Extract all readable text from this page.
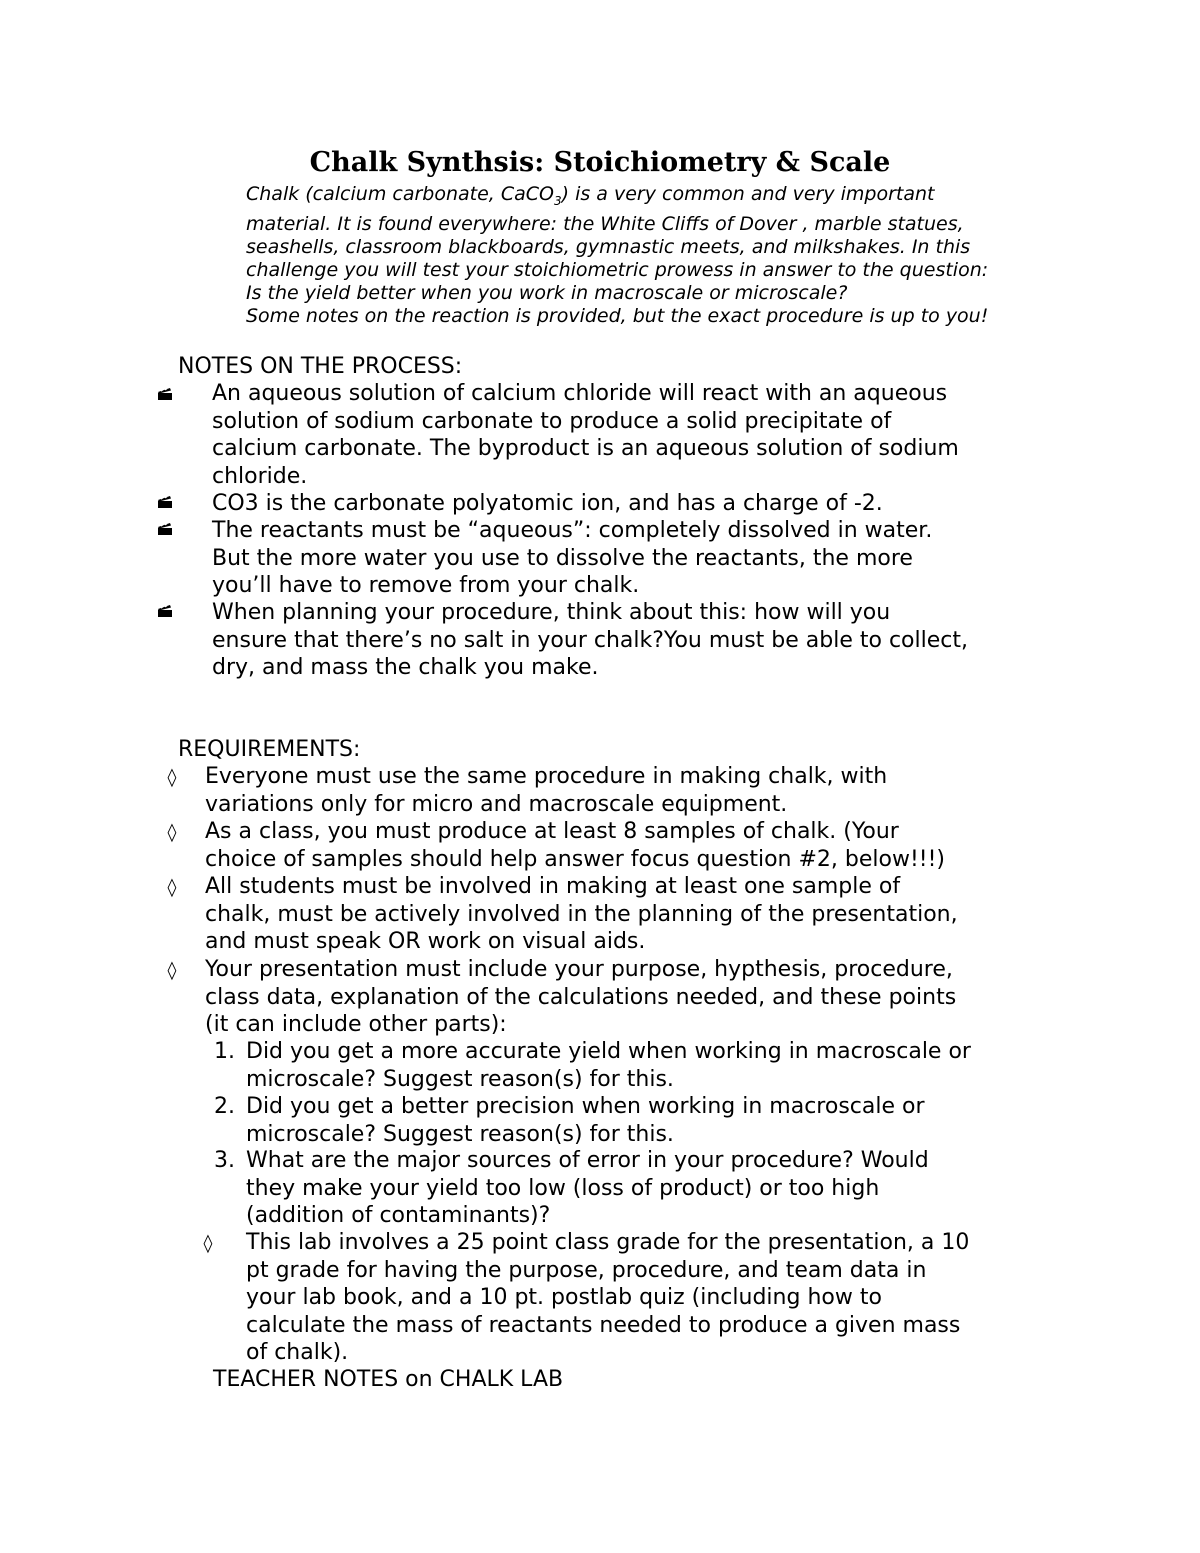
Chalk Synthsis: Stoichiometry & Scale
Chalk (calcium carbonate, CaCO$_3$) is a very common and very important
material. It is found everywhere: the White Cliffs of Dover , marble statues,
seashells, classroom blackboards, gymnastic meets, and milkshakes. In this
challenge you will test your stoichiometric prowess in answer to the question:
Is the yield better when you work in macroscale or microscale?
Some notes on the reaction is provided, but the exact procedure is up to you!
NOTES ON THE PROCESS:
An aqueous solution of calcium chloride will react with an aqueous
solution of sodium carbonate to produce a solid precipitate of
calcium carbonate. The byproduct is an aqueous solution of sodium
chloride.
CO3 is the carbonate polyatomic ion, and has a charge of -2.
The reactants must be “aqueous”: completely dissolved in water.
But the more water you use to dissolve the reactants, the more
you’ll have to remove from your chalk.
When planning your procedure, think about this: how will you
ensure that there’s no salt in your chalk?You must be able to collect,
dry, and mass the chalk you make.
REQUIREMENTS:
◊	Everyone must use the same procedure in making chalk, with
variations only for micro and macroscale equipment.
◊	As a class, you must produce at least 8 samples of chalk. (Your
choice of samples should help answer focus question #2, below!!!)
◊	All students must be involved in making at least one sample of
chalk, must be actively involved in the planning of the presentation,
and must speak OR work on visual aids.
◊	Your presentation must include your purpose, hypthesis, procedure,
class data, explanation of the calculations needed, and these points
(it can include other parts):
1. Did you get a more accurate yield when working in macroscale or
microscale? Suggest reason(s) for this.
2. Did you get a better precision when working in macroscale or
microscale? Suggest reason(s) for this.
3. What are the major sources of error in your procedure? Would
they make your yield too low (loss of product) or too high
(addition of contaminants)?
◊	This lab involves a 25 point class grade for the presentation, a 10
pt grade for having the purpose, procedure, and team data in
your lab book, and a 10 pt. postlab quiz (including how to
calculate the mass of reactants needed to produce a given mass
of chalk).
TEACHER NOTES on CHALK LAB
